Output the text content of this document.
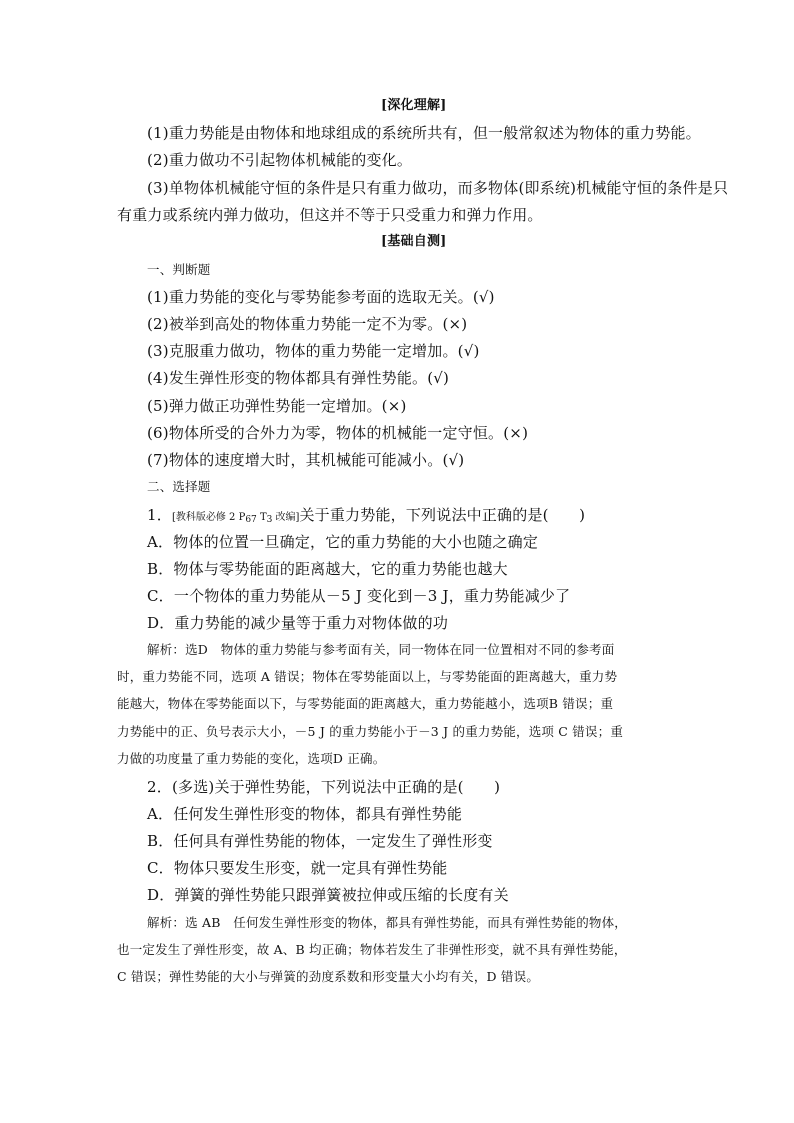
[深化理解]
(1)重力势能是由物体和地球组成的系统所共有，但一般常叙述为物体的重力势能。
(2)重力做功不引起物体机械能的变化。
(3)单物体机械能守恒的条件是只有重力做功，而多物体(即系统)机械能守恒的条件是只
有重力或系统内弹力做功，但这并不等于只受重力和弹力作用。
[基础自测]
一、判断题
(1)重力势能的变化与零势能参考面的选取无关。(√)
(2)被举到高处的物体重力势能一定不为零。(×)
(3)克服重力做功，物体的重力势能一定增加。(√)
(4)发生弹性形变的物体都具有弹性势能。(√)
(5)弹力做正功弹性势能一定增加。(×)
(6)物体所受的合外力为零，物体的机械能一定守恒。(×)
(7)物体的速度增大时，其机械能可能减小。(√)
二、选择题
1．[教科版必修 2 P67 T3 改编]关于重力势能，下列说法中正确的是(　　)
A．物体的位置一旦确定，它的重力势能的大小也随之确定
B．物体与零势能面的距离越大，它的重力势能也越大
C．一个物体的重力势能从－5 J 变化到－3 J，重力势能减少了
D．重力势能的减少量等于重力对物体做的功
解析：选D　物体的重力势能与参考面有关，同一物体在同一位置相对不同的参考面
时，重力势能不同，选项 A 错误；物体在零势能面以上，与零势能面的距离越大，重力势
能越大，物体在零势能面以下，与零势能面的距离越大，重力势能越小，选项B 错误；重
力势能中的正、负号表示大小，－5 J 的重力势能小于－3 J 的重力势能，选项 C 错误；重
力做的功度量了重力势能的变化，选项D 正确。
2．(多选)关于弹性势能，下列说法中正确的是(　　)
A．任何发生弹性形变的物体，都具有弹性势能
B．任何具有弹性势能的物体，一定发生了弹性形变
C．物体只要发生形变，就一定具有弹性势能
D．弹簧的弹性势能只跟弹簧被拉伸或压缩的长度有关
解析：选 AB　任何发生弹性形变的物体，都具有弹性势能，而具有弹性势能的物体，
也一定发生了弹性形变，故 A、B 均正确；物体若发生了非弹性形变，就不具有弹性势能，
C 错误；弹性势能的大小与弹簧的劲度系数和形变量大小均有关，D 错误。
